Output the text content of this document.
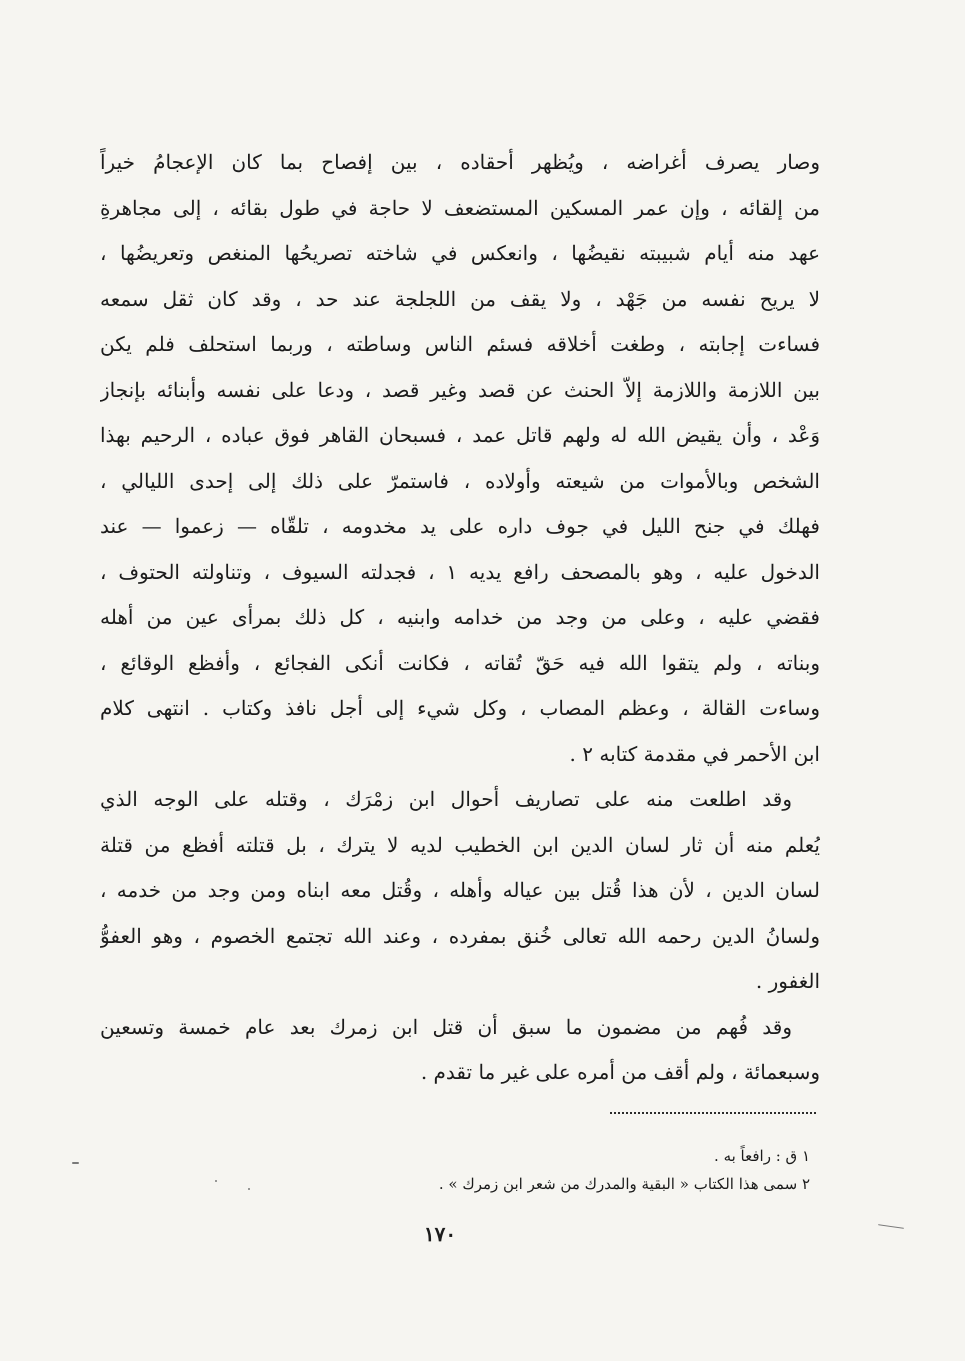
وصار يصرف أغراضه ، ويُظهر أحقاده ، بين إفصاح بما كان الإعجامُ خيراً
من إلقائه ، وإن عمر المسكين المستضعف لا حاجة في طول بقائه ، إلى مجاهرةِ
عهد منه أيام شبيبته نقيضُها ، وانعكس في شاخته تصريحُها المنغص وتعريضُها ،
لا يريح نفسه من جَهْد ، ولا يقف من اللجلجة عند حد ، وقد كان ثقل سمعه
فساءت إجابته ، وطغت أخلاقه فسئم الناس وساطته ، وربما استحلف فلم يكن
بين اللازمة واللازمة إلاّ الحنث عن قصد وغير قصد ، ودعا على نفسه وأبنائه بإنجاز
وَعْد ، وأن يقيض الله له ولهم قاتل عمد ، فسبحان القاهر فوق عباده ، الرحيم بهذا
الشخص وبالأموات من شيعته وأولاده ، فاستمرّ على ذلك إلى إحدى الليالي ،
فهلك في جنح الليل في جوف داره على يد مخدومه ، تلقّاه — زعموا — عند
الدخول عليه ، وهو بالمصحف رافع يديه ١ ، فجدلته السيوف ، وتناولته الحتوف ،
فقضي عليه ، وعلى من وجد من خدامه وابنيه ، كل ذلك بمرأى عين من أهله
وبناته ، ولم يتقوا الله فيه حَقّ تُقاته ، فكانت أنكى الفجائع ، وأفظع الوقائع ،
وساءت القالة ، وعظم المصاب ، وكل شيء إلى أجل نافذ وكتاب . انتهى كلام
ابن الأحمر في مقدمة كتابه ٢ .
وقد اطلعت منه على تصاريف أحوال ابن زمْرَك ، وقتله على الوجه الذي
يُعلم منه أن ثار لسان الدين ابن الخطيب لديه لا يترك ، بل قتلته أفظع من قتلة
لسان الدين ، لأن هذا قُتل بين عياله وأهله ، وقُتل معه ابناه ومن وجد من خدمه ،
ولسانُ الدين رحمه الله تعالى خُنق بمفرده ، وعند الله تجتمع الخصوم ، وهو العفوُّ
الغفور .
وقد فُهم من مضمون ما سبق أن قتل ابن زمرك بعد عام خمسة وتسعين
وسبعمائة ، ولم أقف من أمره على غير ما تقدم .
١ ق : رافعاً به .
٢ سمى هذا الكتاب « البقية والمدرك من شعر ابن زمرك » .
١٧٠
